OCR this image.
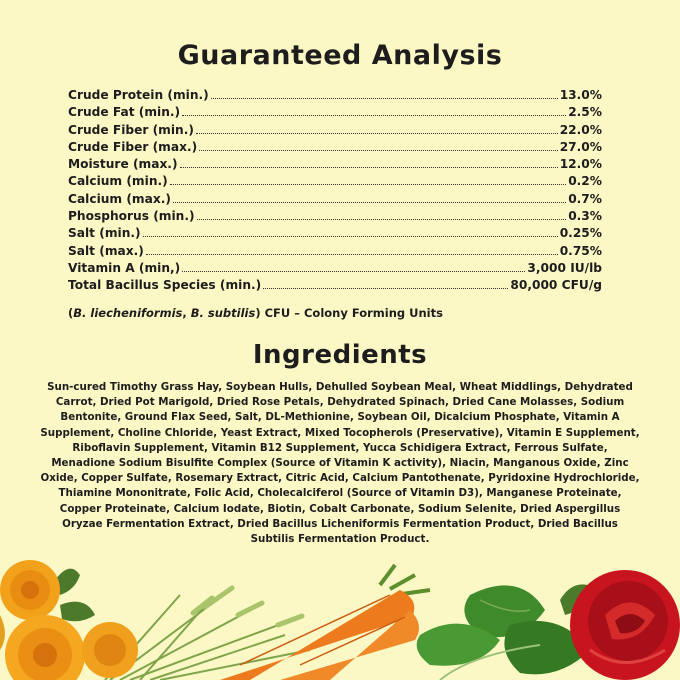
Guaranteed Analysis
Crude Protein (min.)	13.0%
Crude Fat (min.)	2.5%
Crude Fiber (min.)	22.0%
Crude Fiber (max.)	27.0%
Moisture (max.)	12.0%
Calcium (min.)	0.2%
Calcium (max.)	0.7%
Phosphorus (min.)	0.3%
Salt (min.)	0.25%
Salt (max.)	0.75%
Vitamin A (min,)	3,000 IU/lb
Total Bacillus Species (min.)	80,000 CFU/g
(B. liecheniformis, B. subtilis) CFU – Colony Forming Units
Ingredients
Sun-cured Timothy Grass Hay, Soybean Hulls, Dehulled Soybean Meal, Wheat Middlings, Dehydrated Carrot, Dried Pot Marigold, Dried Rose Petals, Dehydrated Spinach, Dried Cane Molasses, Sodium Bentonite, Ground Flax Seed, Salt, DL-Methionine, Soybean Oil, Dicalcium Phosphate, Vitamin A Supplement, Choline Chloride, Yeast Extract, Mixed Tocopherols (Preservative), Vitamin E Supplement, Riboflavin Supplement, Vitamin B12 Supplement, Yucca Schidigera Extract, Ferrous Sulfate, Menadione Sodium Bisulfite Complex (Source of Vitamin K activity), Niacin, Manganous Oxide, Zinc Oxide, Copper Sulfate, Rosemary Extract, Citric Acid, Calcium Pantothenate, Pyridoxine Hydrochloride, Thiamine Mononitrate, Folic Acid, Cholecalciferol (Source of Vitamin D3), Manganese Proteinate, Copper Proteinate, Calcium Iodate, Biotin, Cobalt Carbonate, Sodium Selenite, Dried Aspergillus Oryzae Fermentation Extract, Dried Bacillus Licheniformis Fermentation Product, Dried Bacillus Subtilis Fermentation Product.
